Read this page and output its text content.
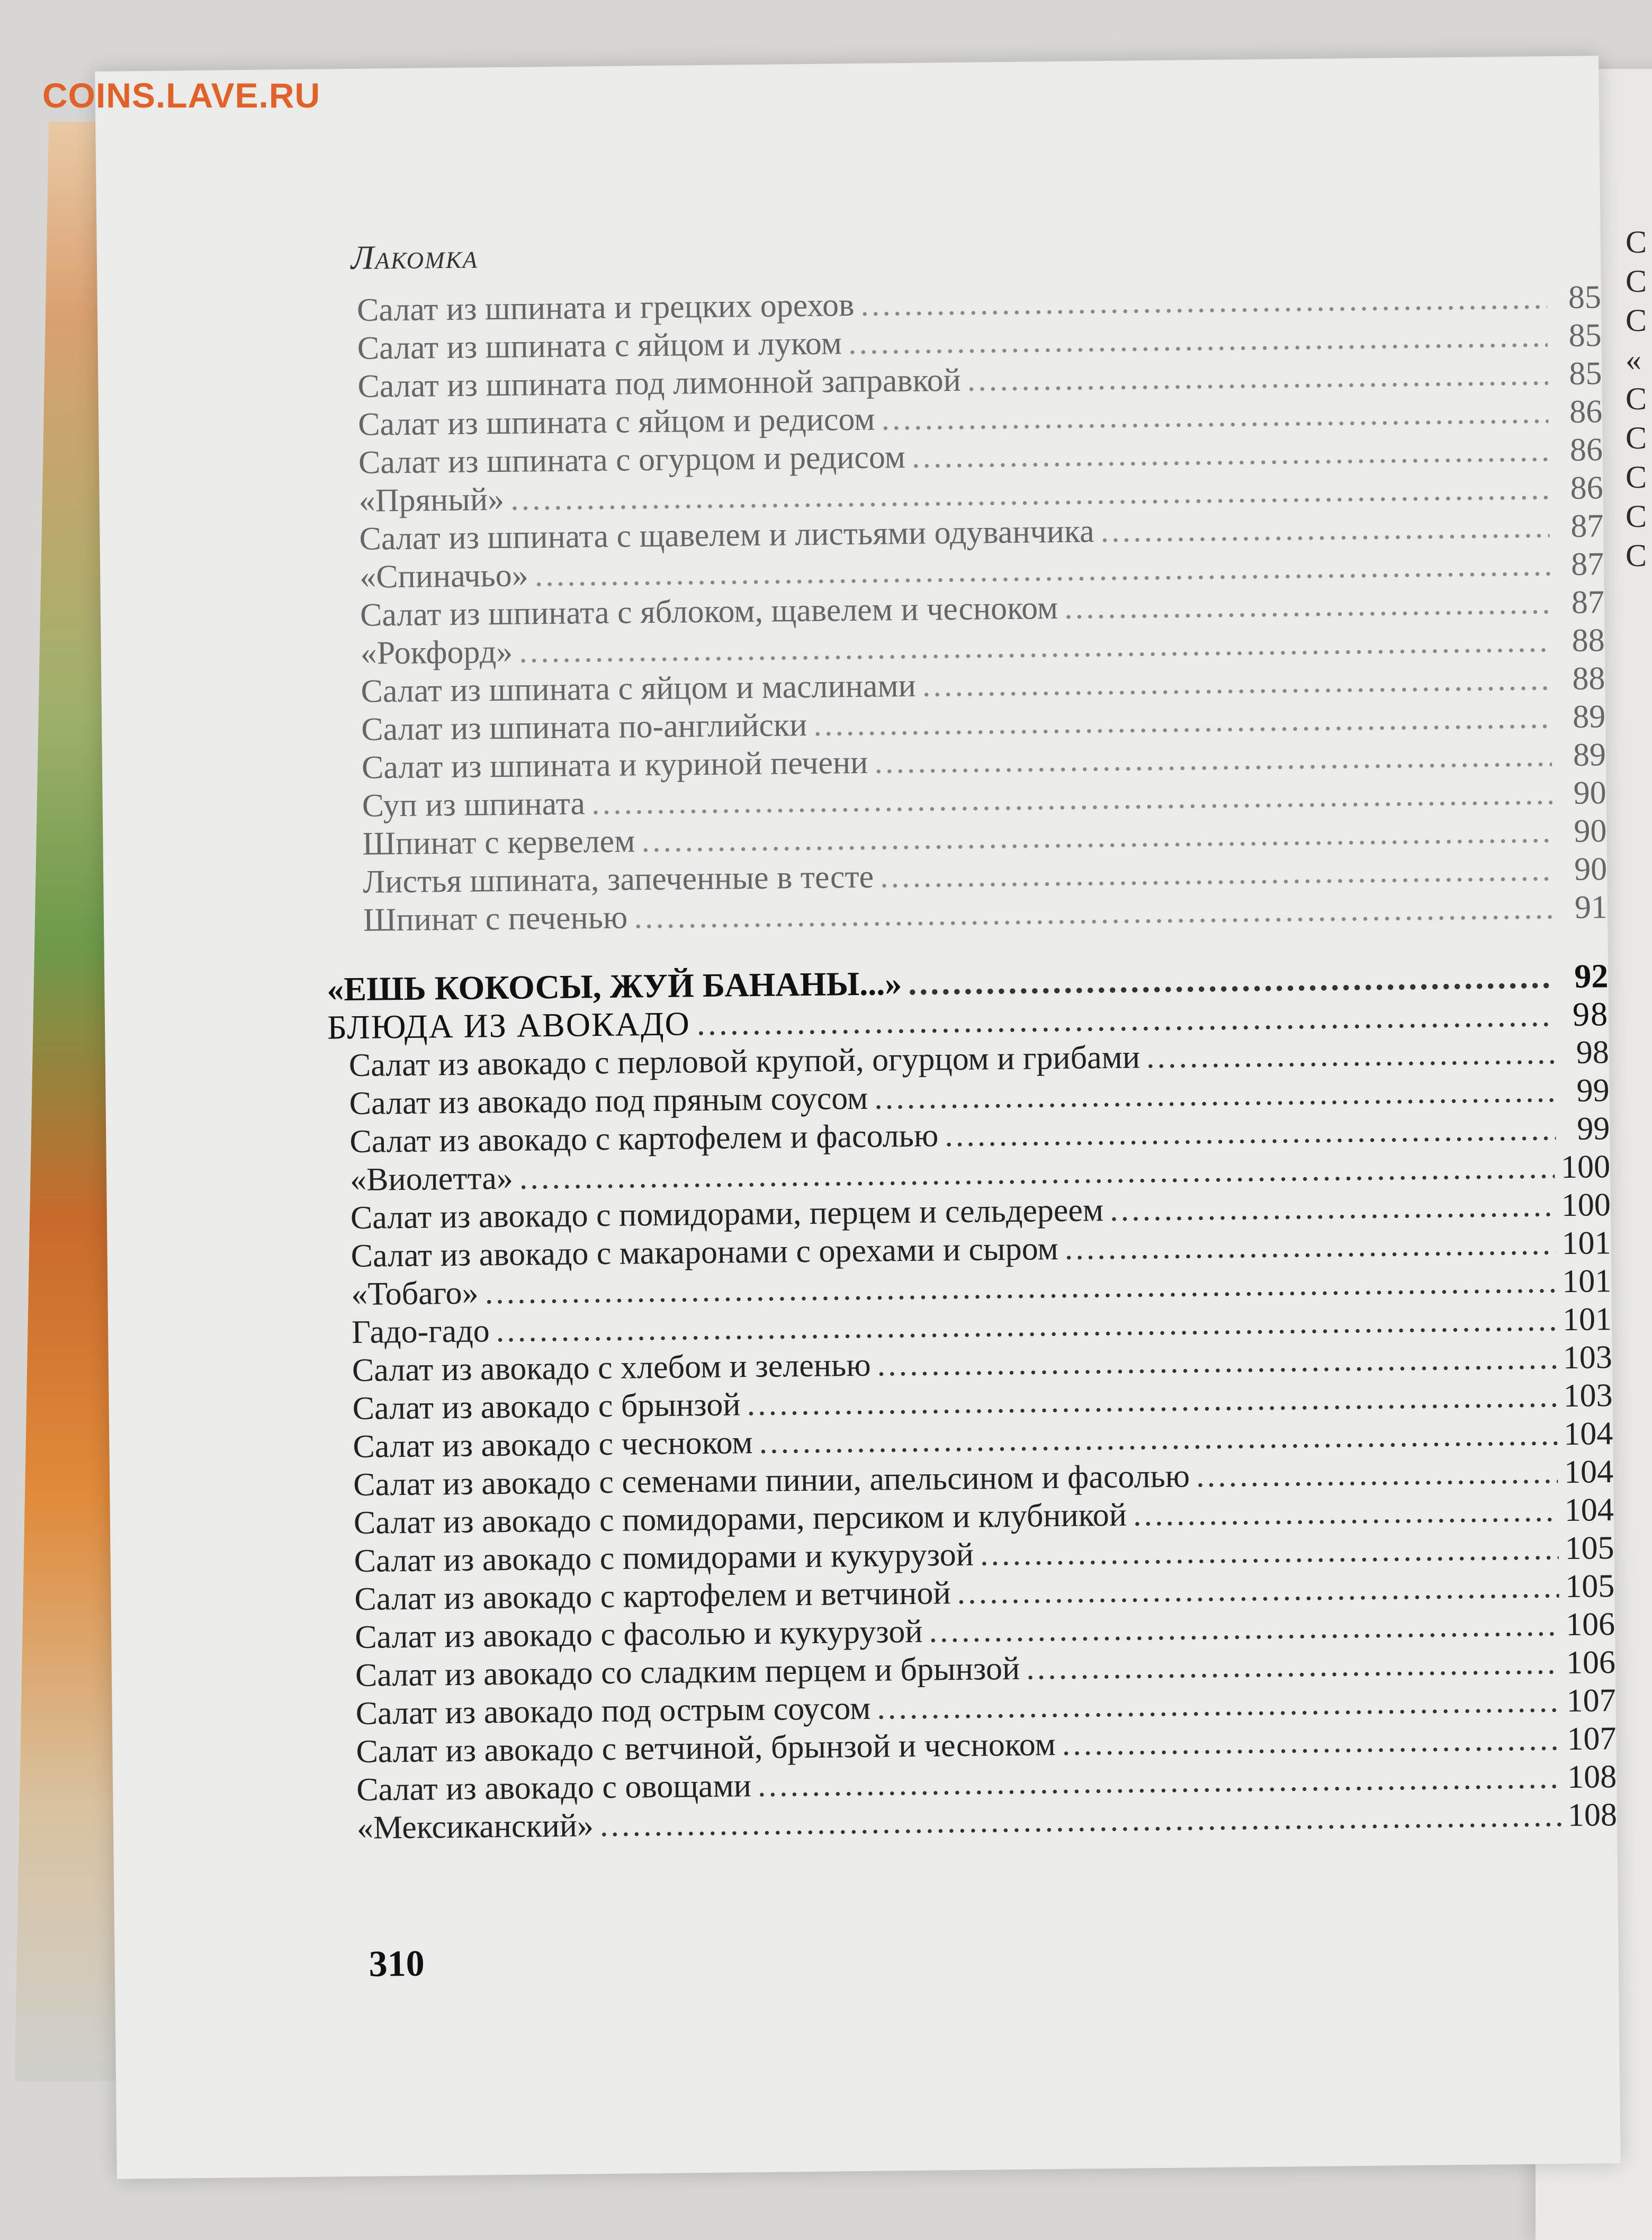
С
С
С
«
С
С
С
С
С
COINS.LAVE.RU
Лакомка
Салат из шпината и грецких орехов .....	85
Салат из шпината с яйцом и луком .....	85
Салат из шпината под лимонной заправкой .....	85
Салат из шпината с яйцом и редисом .....	86
Салат из шпината с огурцом и редисом .....	86
«Пряный» .....	86
Салат из шпината с щавелем и листьями одуванчика .....	87
«Спиначьо» .....	87
Салат из шпината с яблоком, щавелем и чесноком .....	87
«Рокфорд» .....	88
Салат из шпината с яйцом и маслинами .....	88
Салат из шпината по-английски .....	89
Салат из шпината и куриной печени .....	89
Суп из шпината .....	90
Шпинат с кервелем .....	90
Листья шпината, запеченные в тесте .....	90
Шпинат с печенью .....	91
«ЕШЬ КОКОСЫ, ЖУЙ БАНАНЫ...» .....	92
БЛЮДА ИЗ АВОКАДО .....	98
Салат из авокадо с перловой крупой, огурцом и грибами .....	98
Салат из авокадо под пряным соусом .....	99
Салат из авокадо с картофелем и фасолью .....	99
«Виолетта» .....	100
Салат из авокадо с помидорами, перцем и сельдереем .....	100
Салат из авокадо с макаронами с орехами и сыром .....	101
«Тобаго» .....	101
Гадо-гадо .....	101
Салат из авокадо с хлебом и зеленью .....	103
Салат из авокадо с брынзой .....	103
Салат из авокадо с чесноком .....	104
Салат из авокадо с семенами пинии, апельсином и фасолью .....	104
Салат из авокадо с помидорами, персиком и клубникой .....	104
Салат из авокадо с помидорами и кукурузой .....	105
Салат из авокадо с картофелем и ветчиной .....	105
Салат из авокадо с фасолью и кукурузой .....	106
Салат из авокадо со сладким перцем и брынзой .....	106
Салат из авокадо под острым соусом .....	107
Салат из авокадо с ветчиной, брынзой и чесноком .....	107
Салат из авокадо с овощами .....	108
«Мексиканский» .....	108
310
